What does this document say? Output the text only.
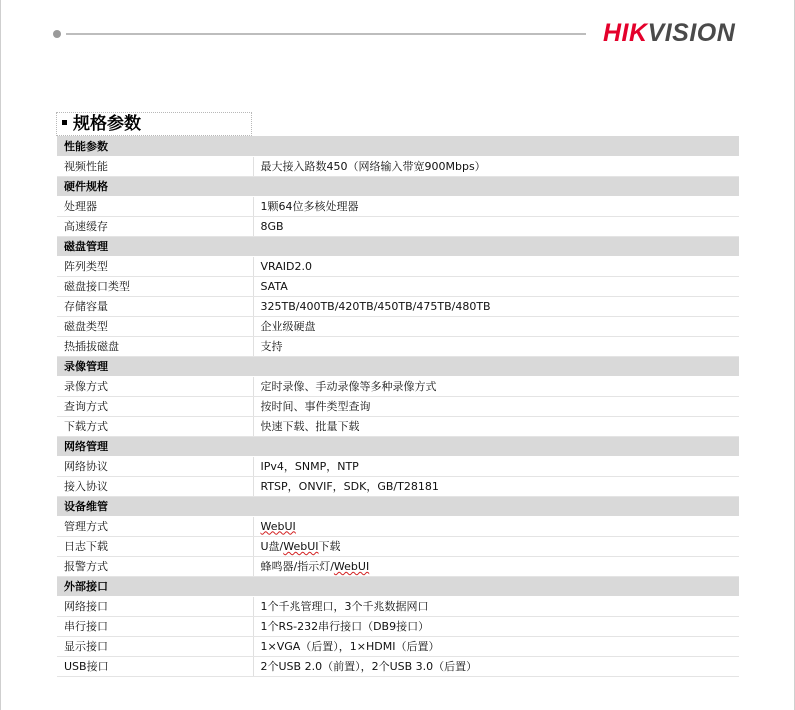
HIKVISION
规格参数
性能参数	
视频性能	最大接入路数450（网络输入带宽900Mbps）
硬件规格	
处理器	1颗64位多核处理器
高速缓存	8GB
磁盘管理	
阵列类型	VRAID2.0
磁盘接口类型	SATA
存储容量	325TB/400TB/420TB/450TB/475TB/480TB
磁盘类型	企业级硬盘
热插拔磁盘	支持
录像管理	
录像方式	定时录像、手动录像等多种录像方式
查询方式	按时间、事件类型查询
下载方式	快速下载、批量下载
网络管理	
网络协议	IPv4，SNMP，NTP
接入协议	RTSP，ONVIF，SDK，GB/T28181
设备维管	
管理方式	WebUI
日志下载	U盘/WebUI下载
报警方式	蜂鸣器/指示灯/WebUI
外部接口	
网络接口	1个千兆管理口，3个千兆数据网口
串行接口	1个RS-232串行接口（DB9接口）
显示接口	1×VGA（后置），1×HDMI（后置）
USB接口	2个USB 2.0（前置），2个USB 3.0（后置）
